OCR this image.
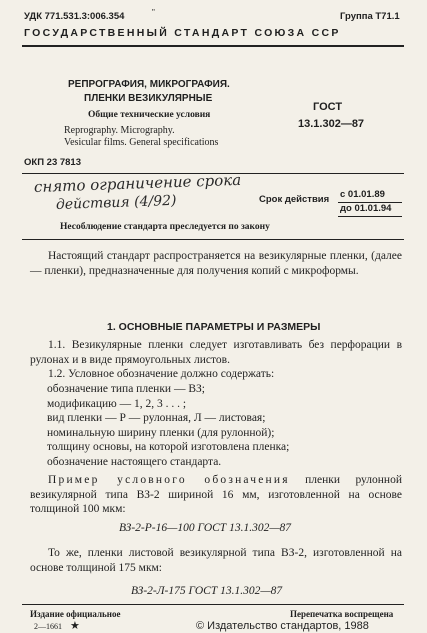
УДК 771.531.3:006.354	"	Группа Т71.1
ГОСУДАРСТВЕННЫЙ СТАНДАРТ СОЮЗА ССР
РЕПРОГРАФИЯ, МИКРОГРАФИЯ.
ПЛЕНКИ ВЕЗИКУЛЯРНЫЕ
Общие технические условия
Reprography. Micrography.
Vesicular films. General specifications
ГОСТ
13.1.302—87
ОКП 23 7813
снято ограничение срока
действия (4/92)	Срок действия с 01.01.89
до 01.01.94
Несоблюдение стандарта преследуется по закону

Настоящий стандарт распространяется на везикулярные пленки, (далее — пленки), предназначенные для получения копий с микроформы.

1. ОСНОВНЫЕ ПАРАМЕТРЫ И РАЗМЕРЫ

1.1. Везикулярные пленки следует изготавливать без перфорации в рулонах и в виде прямоугольных листов.

1.2. Условное обозначение должно содержать:

обозначение типа пленки — ВЗ;
модификацию — 1, 2, 3 . . . ;
вид пленки — Р — рулонная, Л — листовая;
номинальную ширину пленки (для рулонной);
толщину основы, на которой изготовлена пленка;
обозначение настоящего стандарта.

Пример условного обозначения пленки рулонной везикулярной типа ВЗ-2 шириной 16 мм, изготовленной на основе толщиной 100 мкм:

ВЗ-2-Р-16—100 ГОСТ 13.1.302—87

То же, пленки листовой везикулярной типа ВЗ-2, изготовленной на основе толщиной 175 мкм:

ВЗ-2-Л-175 ГОСТ 13.1.302—87
Издание официальное	Перепечатка воспрещена
© Издательство стандартов, 1988
★
2—1661
